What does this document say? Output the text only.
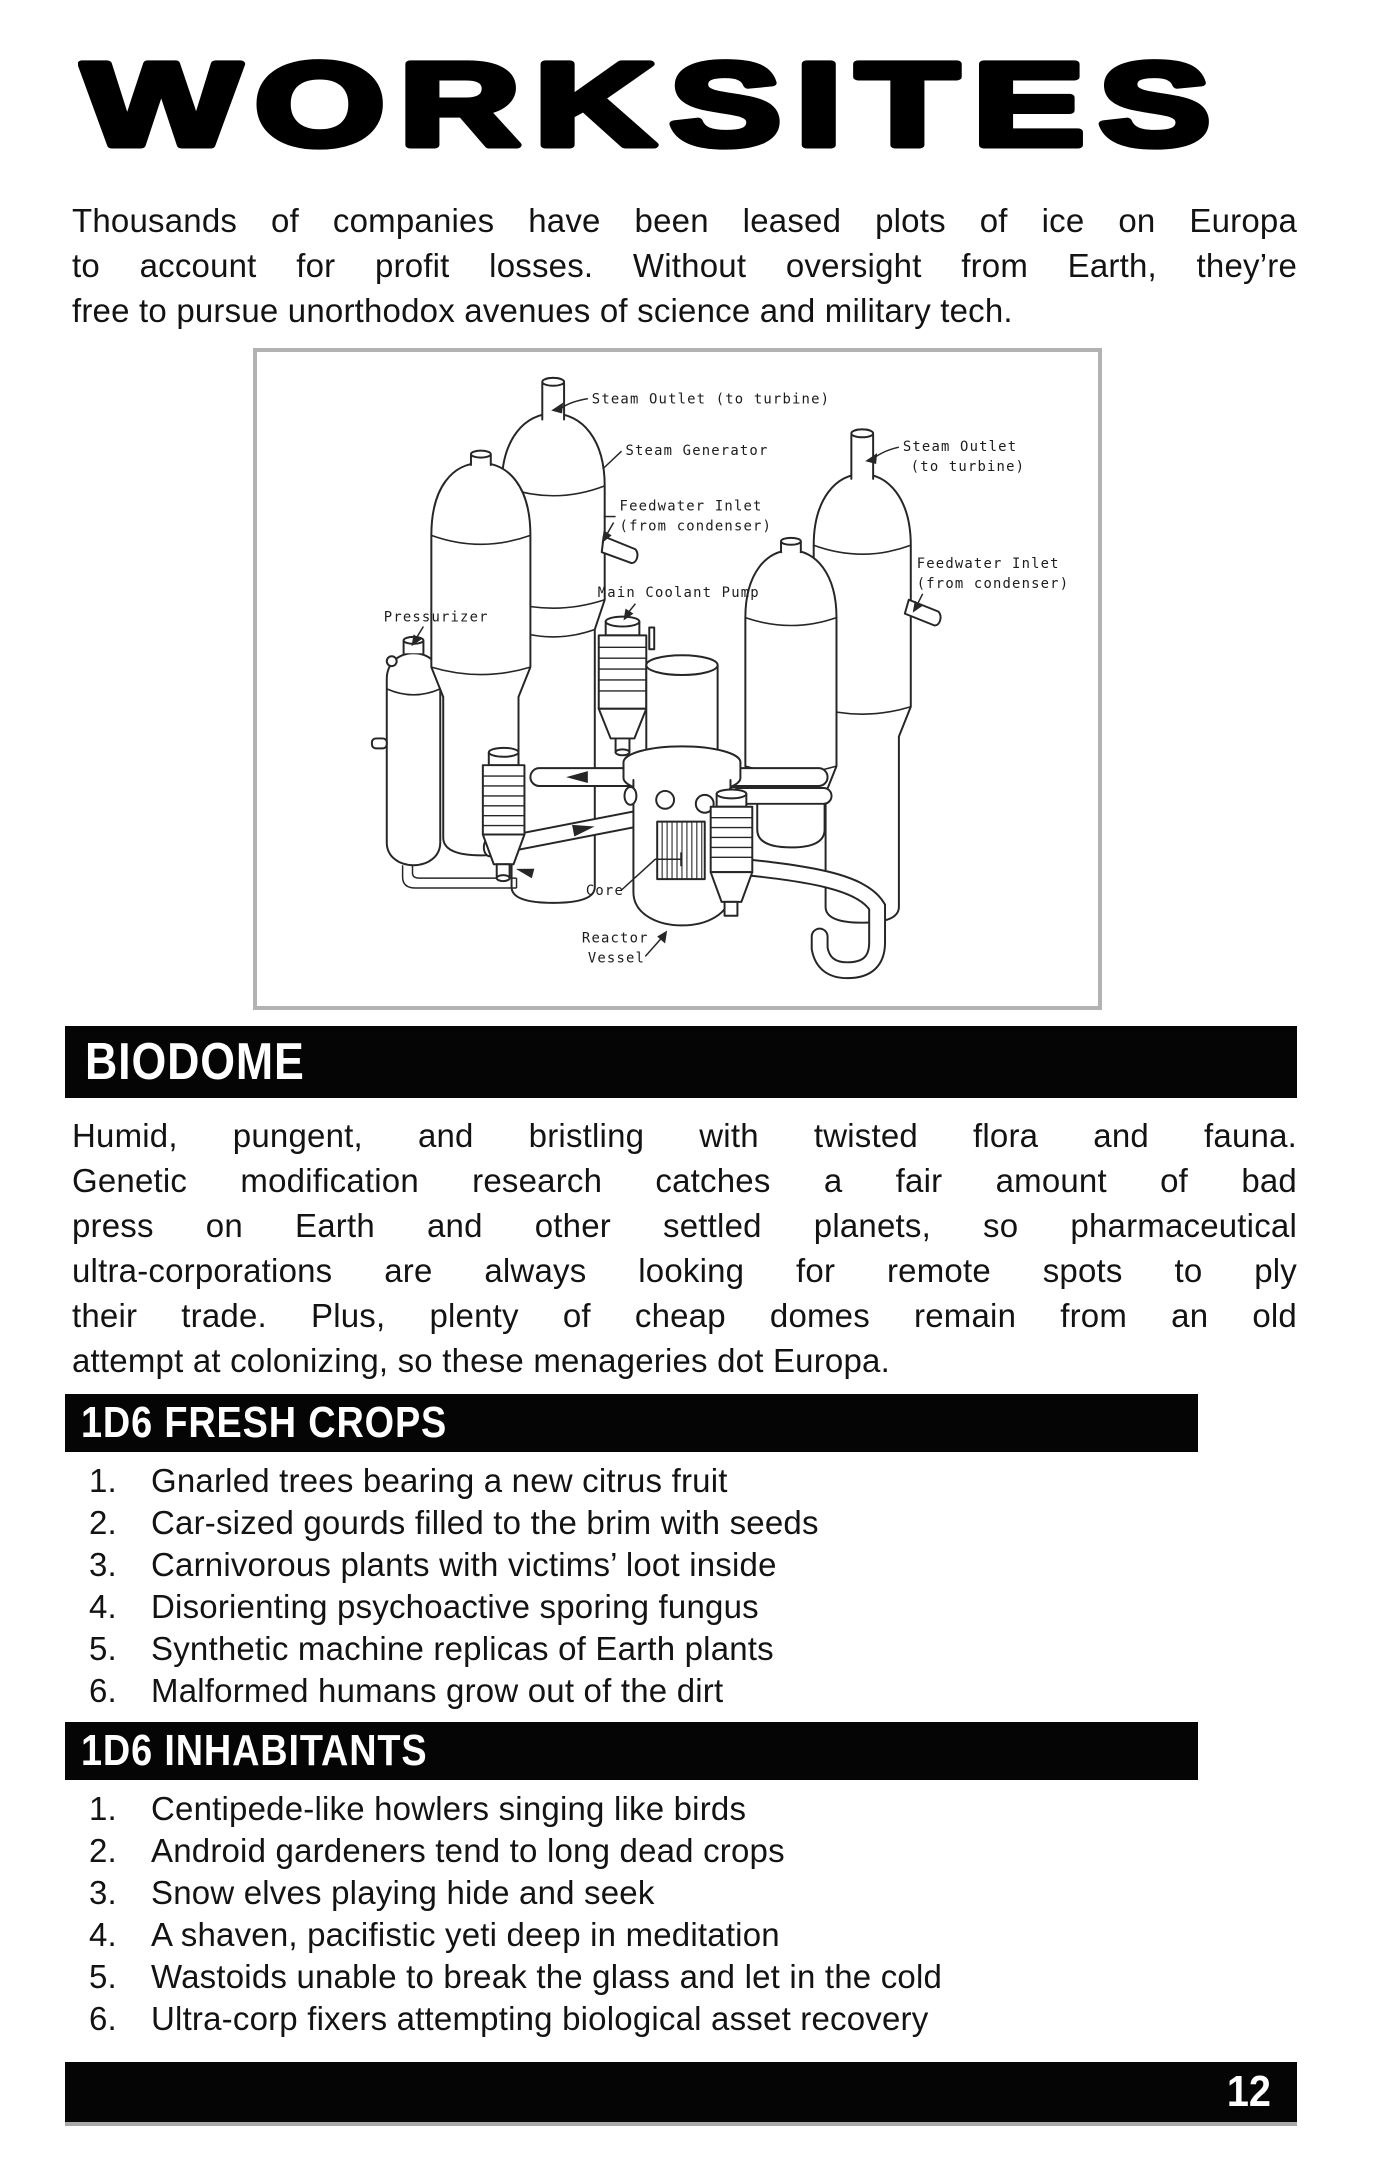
WORKSITES
Thousands of companies have been leased plots of ice on Europa
to account for profit losses. Without oversight from Earth, they’re
free to pursue unorthodox avenues of science and military tech.
Steam Outlet (to turbine)
Steam Generator
Feedwater Inlet
(from condenser)
Steam Outlet
(to turbine)
Feedwater Inlet
(from condenser)
Main Coolant Pump
Pressurizer
Core
Reactor
Vessel
BIODOME
Humid, pungent, and bristling with twisted flora and fauna.
Genetic modification research catches a fair amount of bad
press on Earth and other settled planets, so pharmaceutical
ultra-corporations are always looking for remote spots to ply
their trade. Plus, plenty of cheap domes remain from an old
attempt at colonizing, so these menageries dot Europa.
1D6 FRESH CROPS
1.	Gnarled trees bearing a new citrus fruit
2.	Car-sized gourds filled to the brim with seeds
3.	Carnivorous plants with victims’ loot inside
4.	Disorienting psychoactive sporing fungus
5.	Synthetic machine replicas of Earth plants
6.	Malformed humans grow out of the dirt
1D6 INHABITANTS
1.	Centipede-like howlers singing like birds
2.	Android gardeners tend to long dead crops
3.	Snow elves playing hide and seek
4.	A shaven, pacifistic yeti deep in meditation
5.	Wastoids unable to break the glass and let in the cold
6.	Ultra-corp fixers attempting biological asset recovery
12
